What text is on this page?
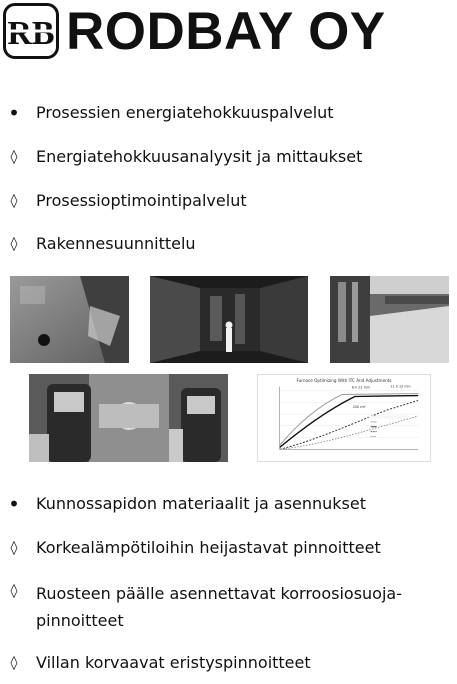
RB RODBAY OY
• Prosessien energiatehokkuuspalvelut
◊ Energiatehokkuusanalyysit ja mittaukset
◊ Prosessioptimointipalvelut
◊ Rakennesuunnittelu
Furnace Optimizing With ITC And Adjustments
8 h 22 min	11 h 12 min
200 cm²
• Kunnossapidon materiaalit ja asennukset
◊ Korkealämpötiloihin heijastavat pinnoitteet
◊ Ruosteen päälle asennettavat korroosiosuoja-pinnoitteet
◊ Villan korvaavat eristyspinnoitteet
